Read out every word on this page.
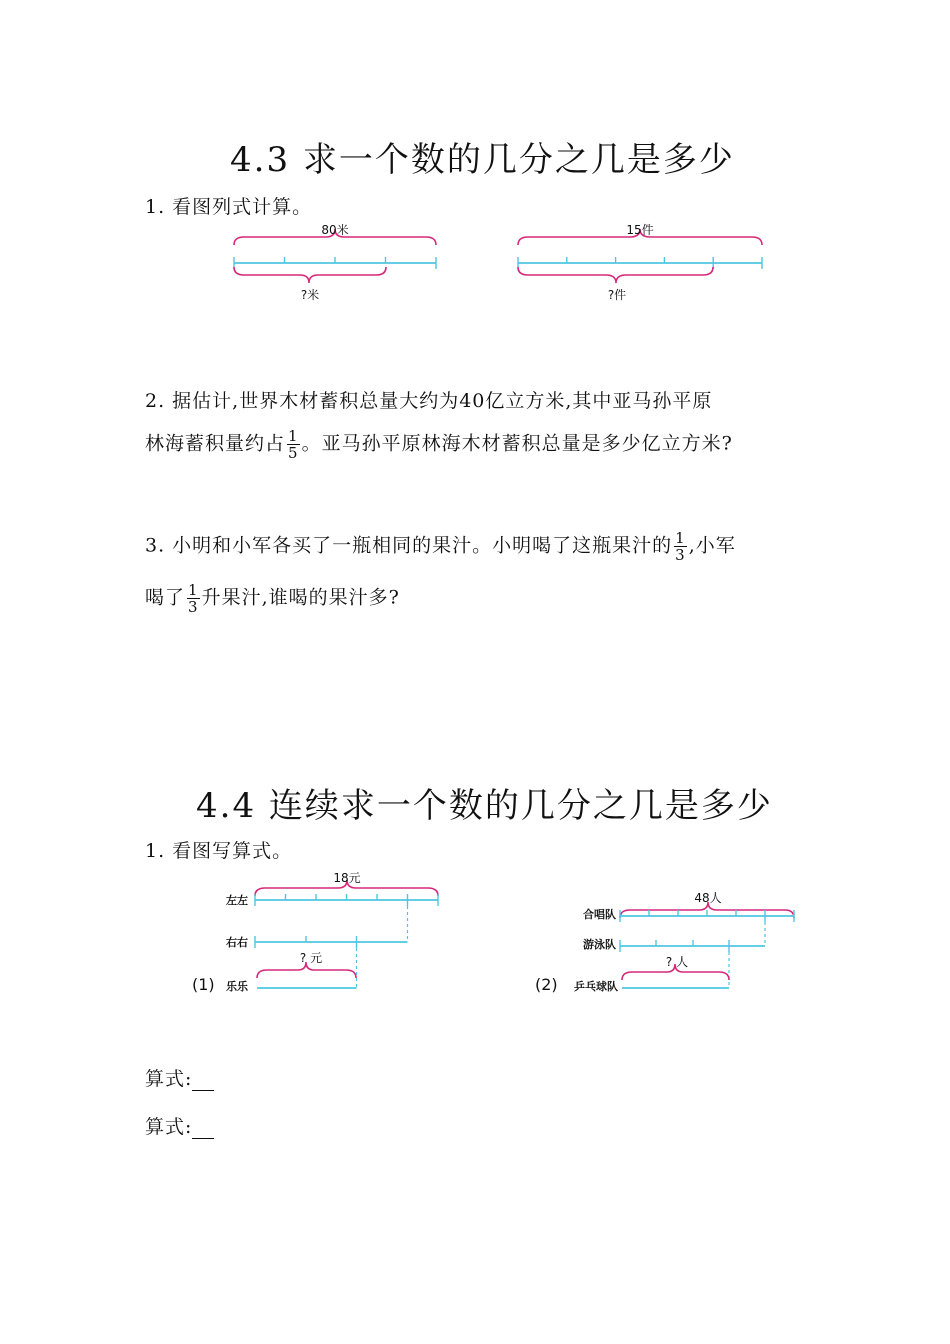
4.3 求一个数的几分之几是多少
1. 看图列式计算。
80米
?米
15件
?件
2. 据估计,世界木材蓄积总量大约为40亿立方米,其中亚马孙平原
林海蓄积量约占 $\frac{1}{5}$ 。亚马孙平原林海木材蓄积总量是多少亿立方米?
3. 小明和小军各买了一瓶相同的果汁。小明喝了这瓶果汁的 $\frac{1}{3}$ ,小军
喝了 $\frac{1}{3}$ 升果汁,谁喝的果汁多?
4.4 连续求一个数的几分之几是多少
1. 看图写算式。
18元
左左
右右
? 元
(1) 乐乐
48人
合唱队
游泳队
? 人
(2) 乒乓球队
算式:
算式:
